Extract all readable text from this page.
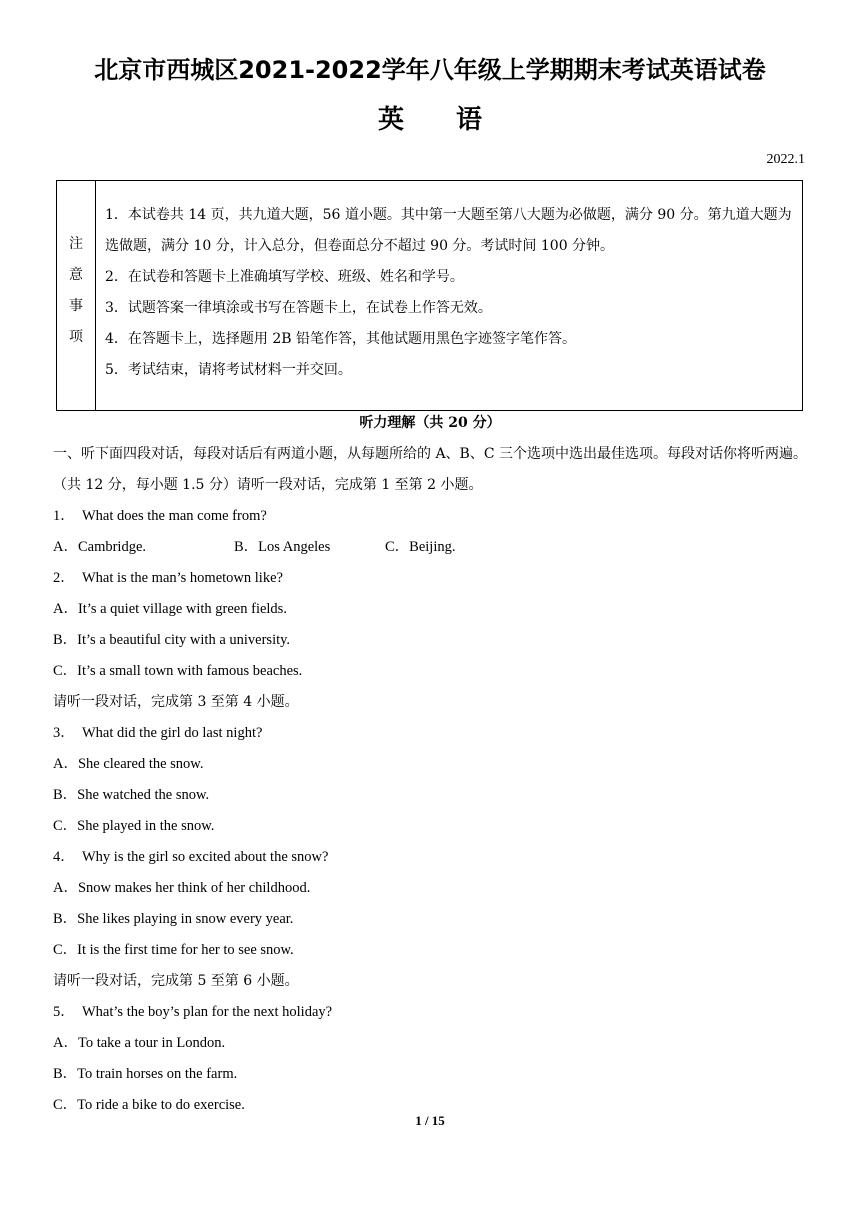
北京市西城区2021-2022学年八年级上学期期末考试英语试卷
英 语
2022.1
注
意
事
项
1．本试卷共 14 页，共九道大题，56 道小题。其中第一大题至第八大题为必做题，满分 90 分。第九道大题为选做题，满分 10 分，计入总分，但卷面总分不超过 90 分。考试时间 100 分钟。
2．在试卷和答题卡上准确填写学校、班级、姓名和学号。
3．试题答案一律填涂或书写在答题卡上，在试卷上作答无效。
4．在答题卡上，选择题用 2B 铅笔作答，其他试题用黑色字迹签字笔作答。
5．考试结束，请将考试材料一并交回。
听力理解（共 20 分）
一、听下面四段对话，每段对话后有两道小题，从每题所给的 A、B、C 三个选项中选出最佳选项。每段对话你将听两遍。（共 12 分，每小题 1.5 分）请听一段对话，完成第 1 至第 2 小题。
1．　What does the man come from?
A．Cambridge.	B．Los Angeles	C．Beijing.
2．　What is the man’s hometown like?
A．It’s a quiet village with green fields.
B．It’s a beautiful city with a university.
C．It’s a small town with famous beaches.
请听一段对话，完成第 3 至第 4 小题。
3．　What did the girl do last night?
A．She cleared the snow.
B．She watched the snow.
C．She played in the snow.
4．　Why is the girl so excited about the snow?
A．Snow makes her think of her childhood.
B．She likes playing in snow every year.
C．It is the first time for her to see snow.
请听一段对话，完成第 5 至第 6 小题。
5．　What’s the boy’s plan for the next holiday?
A．To take a tour in London.
B．To train horses on the farm.
C．To ride a bike to do exercise.
1 / 15
